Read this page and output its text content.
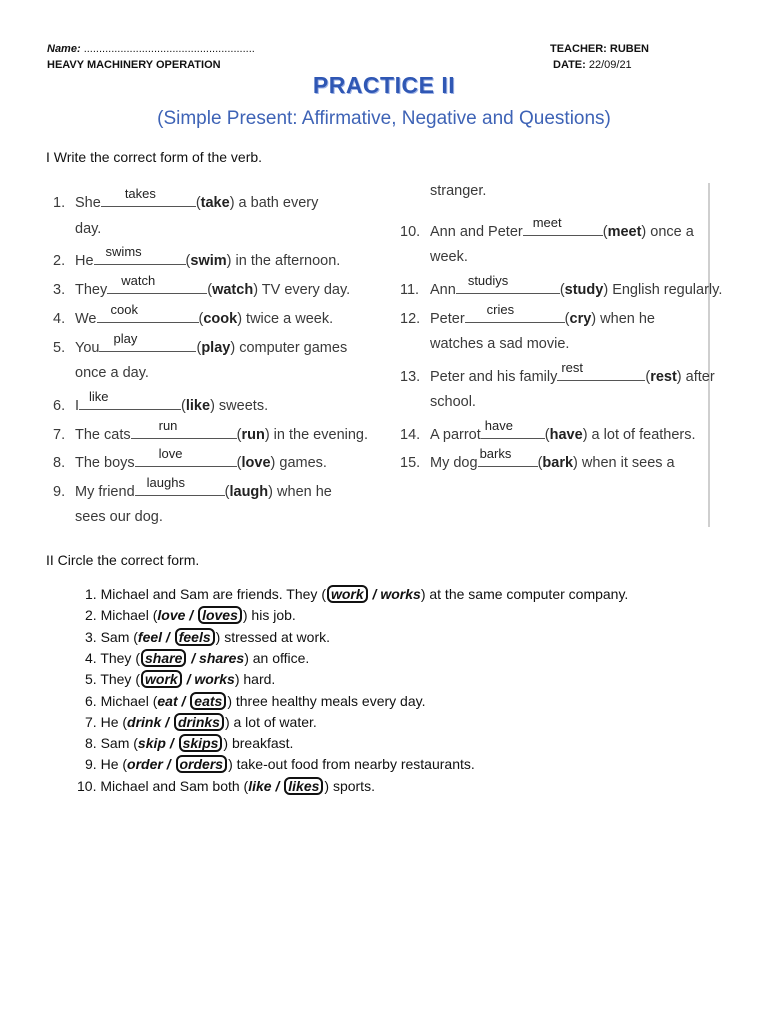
Name: ........................................................
HEAVY MACHINERY OPERATION
TEACHER: RUBEN
DATE: 22/09/21
PRACTICE II
(Simple Present: Affirmative, Negative and Questions)
I Write the correct form of the verb.
1. She
takes
(take) a bath every
day.
2. He
swims
(swim) in the afternoon.
3. They
watch
(watch) TV every day.
4. We
cook
(cook) twice a week.
5. You
play
(play) computer games
once a day.
6. I
like
(like) sweets.
7. The cats
run
(run) in the evening.
8. The boys
love
(love) games.
9. My friend
laughs
(laugh) when he
sees our dog.
10. Ann and Peter
meet
(meet) once a
week.
11. Ann
studiys
(study) English regularly.
12. Peter
cries
(cry) when he
watches a sad movie.
13. Peter and his family
rest
(rest) after
school.
14. A parrot
have
(have) a lot of feathers.
15. My dog
barks
(bark) when it sees a
stranger.
II Circle the correct form.
1. Michael and Sam are friends. They ( work / works) at the same computer company.
2. Michael (love / loves ) his job.
3. Sam (feel / feels ) stressed at work.
4. They ( share / shares) an office.
5. They ( work / works) hard.
6. Michael (eat / eats ) three healthy meals every day.
7. He (drink / drinks ) a lot of water.
8. Sam (skip / skips ) breakfast.
9. He (order / orders ) take-out food from nearby restaurants.
10. Michael and Sam both (like / likes ) sports.
